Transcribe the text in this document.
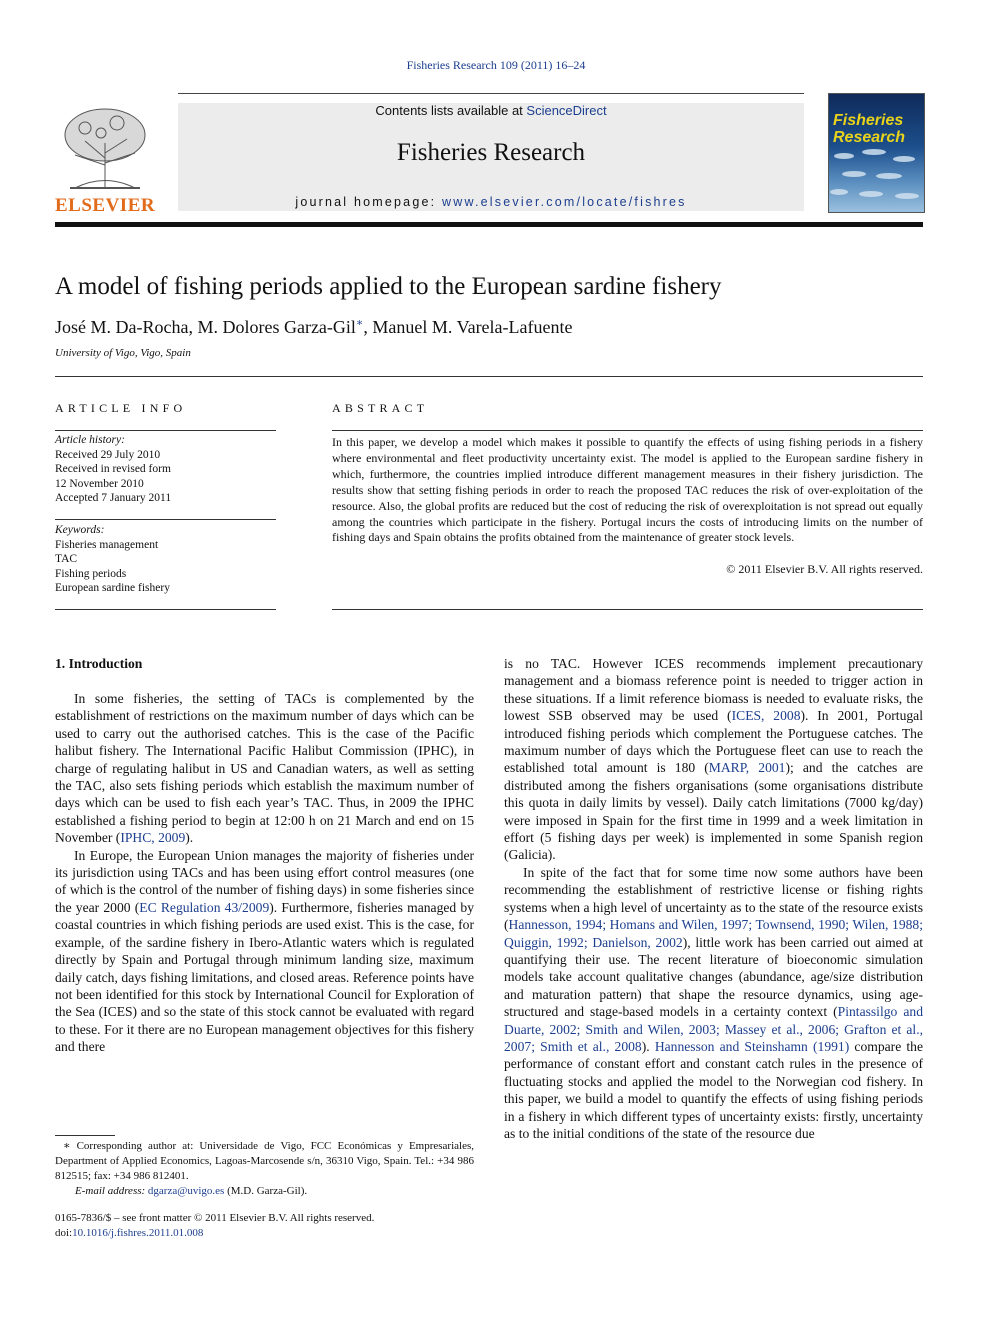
Fisheries Research 109 (2011) 16–24
ELSEVIER
Contents lists available at ScienceDirect
Fisheries Research
journal homepage: www.elsevier.com/locate/fishres
Fisheries Research
A model of fishing periods applied to the European sardine fishery
José M. Da-Rocha, M. Dolores Garza-Gil∗, Manuel M. Varela-Lafuente
University of Vigo, Vigo, Spain
ARTICLE INFO
Article history:
Received 29 July 2010
Received in revised form
12 November 2010
Accepted 7 January 2011
Keywords:
Fisheries management
TAC
Fishing periods
European sardine fishery
ABSTRACT
In this paper, we develop a model which makes it possible to quantify the effects of using fishing periods in a fishery where environmental and fleet productivity uncertainty exist. The model is applied to the European sardine fishery in which, furthermore, the countries implied introduce different management measures in their fishery jurisdiction. The results show that setting fishing periods in order to reach the proposed TAC reduces the risk of over-exploitation of the resource. Also, the global profits are reduced but the cost of reducing the risk of overexploitation is not spread out equally among the countries which participate in the fishery. Portugal incurs the costs of introducing limits on the number of fishing days and Spain obtains the profits obtained from the maintenance of greater stock levels.
© 2011 Elsevier B.V. All rights reserved.
1. Introduction

In some fisheries, the setting of TACs is complemented by the establishment of restrictions on the maximum number of days which can be used to carry out the authorised catches. This is the case of the Pacific halibut fishery. The International Pacific Halibut Commission (IPHC), in charge of regulating halibut in US and Canadian waters, as well as setting the TAC, also sets fishing periods which establish the maximum number of days which can be used to fish each year’s TAC. Thus, in 2009 the IPHC established a fishing period to begin at 12:00 h on 21 March and end on 15 November (IPHC, 2009).

In Europe, the European Union manages the majority of fisheries under its jurisdiction using TACs and has been using effort control measures (one of which is the control of the number of fishing days) in some fisheries since the year 2000 (EC Regulation 43/2009). Furthermore, fisheries managed by coastal countries in which fishing periods are used exist. This is the case, for example, of the sardine fishery in Ibero-Atlantic waters which is regulated directly by Spain and Portugal through minimum landing size, maximum daily catch, days fishing limitations, and closed areas. Reference points have not been identified for this stock by International Council for Exploration of the Sea (ICES) and so the state of this stock cannot be evaluated with regard to these. For it there are no European management objectives for this fishery and there

∗ Corresponding author at: Universidade de Vigo, FCC Económicas y Empresariales, Department of Applied Economics, Lagoas-Marcosende s/n, 36310 Vigo, Spain. Tel.: +34 986 812515; fax: +34 986 812401.

E-mail address: dgarza@uvigo.es (M.D. Garza-Gil).

0165-7836/$ – see front matter © 2011 Elsevier B.V. All rights reserved.

doi:10.1016/j.fishres.2011.01.008

is no TAC. However ICES recommends implement precautionary management and a biomass reference point is needed to trigger action in these situations. If a limit reference biomass is needed to evaluate risks, the lowest SSB observed may be used (ICES, 2008). In 2001, Portugal introduced fishing periods which complement the Portuguese catches. The maximum number of days which the Portuguese fleet can use to reach the established total amount is 180 (MARP, 2001); and the catches are distributed among the fishers organisations (some organisations distribute this quota in daily limits by vessel). Daily catch limitations (7000 kg/day) were imposed in Spain for the first time in 1999 and a week limitation in effort (5 fishing days per week) is implemented in some Spanish region (Galicia).

In spite of the fact that for some time now some authors have been recommending the establishment of restrictive license or fishing rights systems when a high level of uncertainty as to the state of the resource exists (Hannesson, 1994; Homans and Wilen, 1997; Townsend, 1990; Wilen, 1988; Quiggin, 1992; Danielson, 2002), little work has been carried out aimed at quantifying their use. The recent literature of bioeconomic simulation models take account qualitative changes (abundance, age/size distribution and maturation pattern) that shape the resource dynamics, using age-structured and stage-based models in a certainty context (Pintassilgo and Duarte, 2002; Smith and Wilen, 2003; Massey et al., 2006; Grafton et al., 2007; Smith et al., 2008). Hannesson and Steinshamn (1991) compare the performance of constant effort and constant catch rules in the presence of fluctuating stocks and applied the model to the Norwegian cod fishery. In this paper, we build a model to quantify the effects of using fishing periods in a fishery in which different types of uncertainty exists: firstly, uncertainty as to the initial conditions of the state of the resource due
